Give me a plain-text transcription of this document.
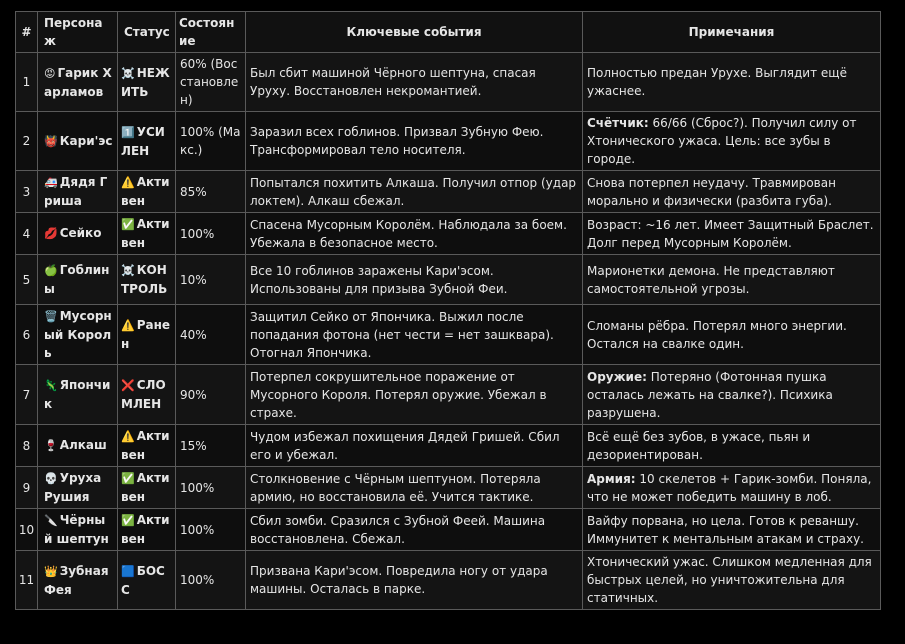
#	Персонаж	Статус	Состояние	Ключевые события	Примечания
1	😡 Гарик Харламов	☠️ НЕЖИТЬ	60% (Восстановлен)	Был сбит машиной Чёрного шептуна, спасая Уруху. Восстановлен некромантией.	Полностью предан Урухе. Выглядит ещё ужаснее.
2	👹 Кари'эс	1️⃣ УСИЛЕН	100% (Макс.)	Заразил всех гоблинов. Призвал Зубную Фею. Трансформировал тело носителя.	Счётчик: 66/66 (Сброс?). Получил силу от Хтонического ужаса. Цель: все зубы в городе.
3	🚑 Дядя Гриша	⚠️ Активен	85%	Попытался похитить Алкаша. Получил отпор (удар локтем). Алкаш сбежал.	Снова потерпел неудачу. Травмирован морально и физически (разбита губа).
4	💋 Сейко	✅ Активен	100%	Спасена Мусорным Королём. Наблюдала за боем. Убежала в безопасное место.	Возраст: ~16 лет. Имеет Защитный Браслет. Долг перед Мусорным Королём.
5	🍏 Гоблины	☠️ КОНТРОЛЬ	10%	Все 10 гоблинов заражены Кари'эсом. Использованы для призыва Зубной Феи.	Марионетки демона. Не представляют самостоятельной угрозы.
6	🗑️ Мусорный Король	⚠️ Ранен	40%	Защитил Сейко от Япончика. Выжил после попадания фотона (нет чести = нет зашквара). Отогнал Япончика.	Сломаны рёбра. Потерял много энергии. Остался на свалке один.
7	🦎 Япончик	❌ СЛОМЛЕН	90%	Потерпел сокрушительное поражение от Мусорного Короля. Потерял оружие. Убежал в страхе.	Оружие: Потеряно (Фотонная пушка осталась лежать на свалке?). Психика разрушена.
8	🍷 Алкаш	⚠️ Активен	15%	Чудом избежал похищения Дядей Гришей. Сбил его и убежал.	Всё ещё без зубов, в ужасе, пьян и дезориентирован.
9	💀 Уруха Рушия	✅ Активен	100%	Столкновение с Чёрным шептуном. Потеряла армию, но восстановила её. Учится тактике.	Армия: 10 скелетов + Гарик-зомби. Поняла, что не может победить машину в лоб.
10	🔪 Чёрный шептун	✅ Активен	100%	Сбил зомби. Сразился с Зубной Феей. Машина восстановлена. Сбежал.	Вайфу порвана, но цела. Готов к реваншу. Иммунитет к ментальным атакам и страху.
11	👑 Зубная Фея	🟦 БОСС	100%	Призвана Кари'эсом. Повредила ногу от удара машины. Осталась в парке.	Хтонический ужас. Слишком медленная для быстрых целей, но уничтожительна для статичных.
